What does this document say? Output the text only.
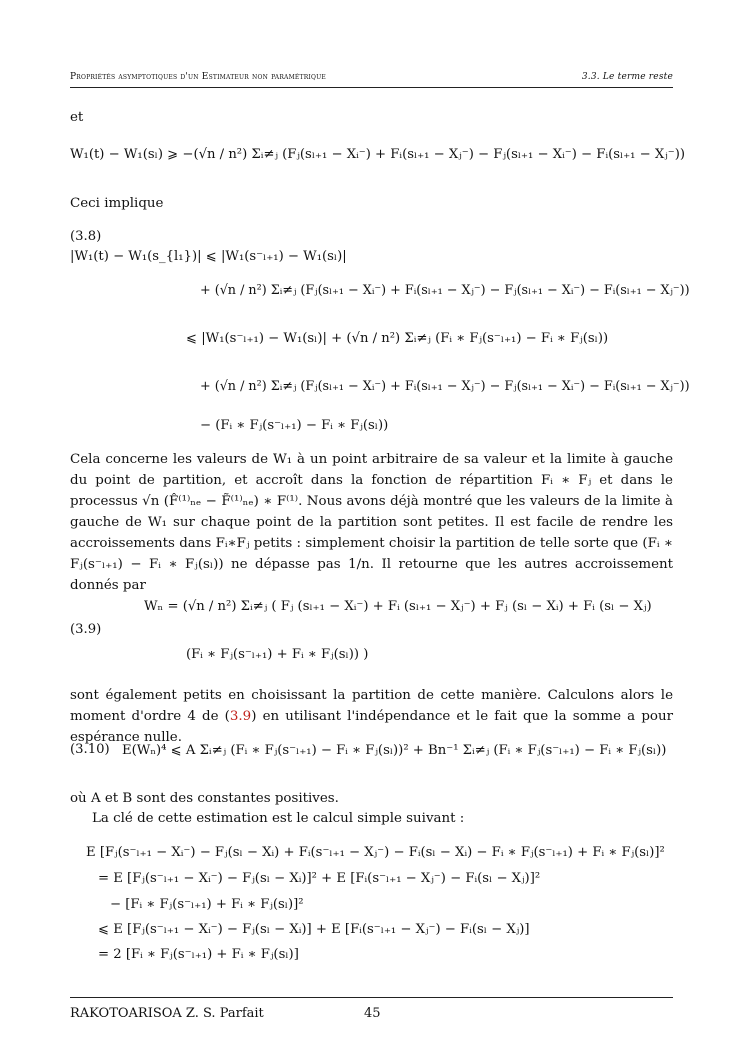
Propriétés asymptotiques d'un Estimateur non paramétrique	3.3. Le terme reste
et
W₁(t) − W₁(sₗ) ⩾ −(√n / n²) Σᵢ≠ⱼ (Fⱼ(sₗ₊₁ − Xᵢ⁻) + Fᵢ(sₗ₊₁ − Xⱼ⁻) − Fⱼ(sₗ₊₁ − Xᵢ⁻) − Fᵢ(sₗ₊₁ − Xⱼ⁻))
Ceci implique
(3.8)
|W₁(t) − W₁(s_{l₁})| ⩽ |W₁(s⁻ₗ₊₁) − W₁(sₗ)|
+ (√n / n²) Σᵢ≠ⱼ (Fⱼ(sₗ₊₁ − Xᵢ⁻) + Fᵢ(sₗ₊₁ − Xⱼ⁻) − Fⱼ(sₗ₊₁ − Xᵢ⁻) − Fᵢ(sₗ₊₁ − Xⱼ⁻))
⩽ |W₁(s⁻ₗ₊₁) − W₁(sₗ)| + (√n / n²) Σᵢ≠ⱼ (Fᵢ ∗ Fⱼ(s⁻ₗ₊₁) − Fᵢ ∗ Fⱼ(sₗ))
+ (√n / n²) Σᵢ≠ⱼ (Fⱼ(sₗ₊₁ − Xᵢ⁻) + Fᵢ(sₗ₊₁ − Xⱼ⁻) − Fⱼ(sₗ₊₁ − Xᵢ⁻) − Fᵢ(sₗ₊₁ − Xⱼ⁻))
− (Fᵢ ∗ Fⱼ(s⁻ₗ₊₁) − Fᵢ ∗ Fⱼ(sₗ))
Cela concerne les valeurs de W₁ à un point arbitraire de sa valeur et la limite à gauche du point de partition, et accroît dans la fonction de répartition Fᵢ ∗ Fⱼ et dans le processus √n (F̂⁽¹⁾ₙₑ − F̃⁽¹⁾ₙₑ) ∗ F⁽¹⁾. Nous avons déjà montré que les valeurs de la limite à gauche de W₁ sur chaque point de la partition sont petites. Il est facile de rendre les accroissements dans Fᵢ∗Fⱼ petits : simplement choisir la partition de telle sorte que (Fᵢ ∗ Fⱼ(s⁻ₗ₊₁) − Fᵢ ∗ Fⱼ(sₗ)) ne dépasse pas 1/n. Il retourne que les autres accroissement donnés par
(3.9)
Wₙ = (√n / n²) Σᵢ≠ⱼ ( Fⱼ (sₗ₊₁ − Xᵢ⁻) + Fᵢ (sₗ₊₁ − Xⱼ⁻) + Fⱼ (sₗ − Xᵢ) + Fᵢ (sₗ − Xⱼ)
(Fᵢ ∗ Fⱼ(s⁻ₗ₊₁) + Fᵢ ∗ Fⱼ(sₗ)) )
sont également petits en choisissant la partition de cette manière. Calculons alors le moment d'ordre 4 de (3.9) en utilisant l'indépendance et le fait que la somme a pour espérance nulle.
(3.10) E(Wₙ)⁴ ⩽ A Σᵢ≠ⱼ (Fᵢ ∗ Fⱼ(s⁻ₗ₊₁) − Fᵢ ∗ Fⱼ(sₗ))² + Bn⁻¹ Σᵢ≠ⱼ (Fᵢ ∗ Fⱼ(s⁻ₗ₊₁) − Fᵢ ∗ Fⱼ(sₗ))
où A et B sont des constantes positives.
La clé de cette estimation est le calcul simple suivant :
E [Fⱼ(s⁻ₗ₊₁ − Xᵢ⁻) − Fⱼ(sₗ − Xᵢ) + Fᵢ(s⁻ₗ₊₁ − Xⱼ⁻) − Fᵢ(sₗ − Xᵢ) − Fᵢ ∗ Fⱼ(s⁻ₗ₊₁) + Fᵢ ∗ Fⱼ(sₗ)]²
= E [Fⱼ(s⁻ₗ₊₁ − Xᵢ⁻) − Fⱼ(sₗ − Xᵢ)]² + E [Fᵢ(s⁻ₗ₊₁ − Xⱼ⁻) − Fᵢ(sₗ − Xⱼ)]²
− [Fᵢ ∗ Fⱼ(s⁻ₗ₊₁) + Fᵢ ∗ Fⱼ(sₗ)]²
⩽ E [Fⱼ(s⁻ₗ₊₁ − Xᵢ⁻) − Fⱼ(sₗ − Xᵢ)] + E [Fᵢ(s⁻ₗ₊₁ − Xⱼ⁻) − Fᵢ(sₗ − Xⱼ)]
= 2 [Fᵢ ∗ Fⱼ(s⁻ₗ₊₁) + Fᵢ ∗ Fⱼ(sₗ)]
RAKOTOARISOA Z. S. Parfait	45
